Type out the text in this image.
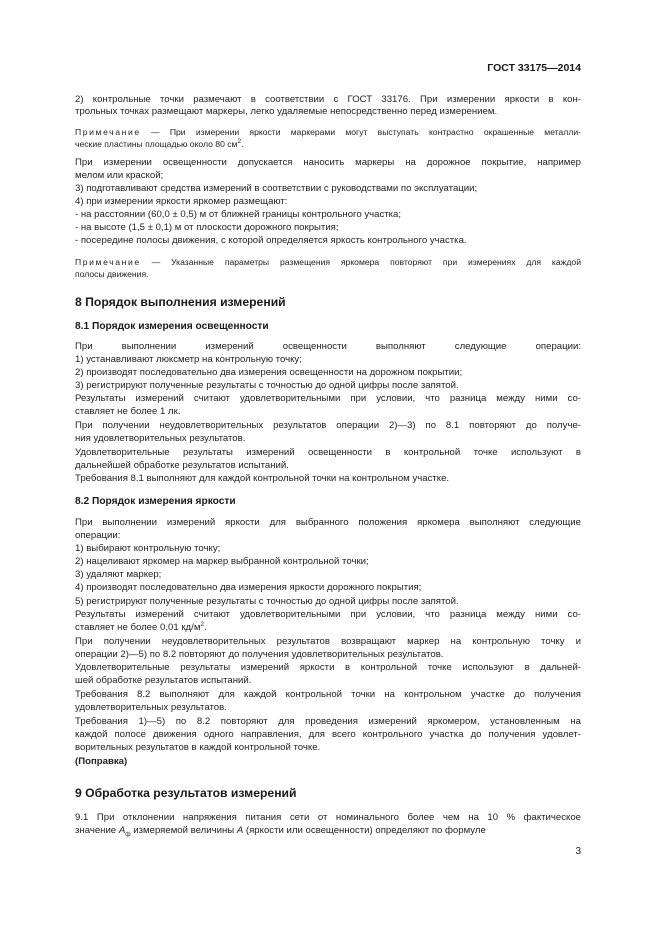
ГОСТ 33175—2014
2) контрольные точки размечают в соответствии с ГОСТ 33176. При измерении яркости в кон-
трольных точках размещают маркеры, легко удаляемые непосредственно перед измерением.
Примечание — При измерении яркости маркерами могут выступать контрастно окрашенные металли-
ческие пластины площадью около 80 $см^2$.
При измерении освещенности допускается наносить маркеры на дорожное покрытие, например
мелом или краской;
3) подготавливают средства измерений в соответствии с руководствами по эксплуатации;
4) при измерении яркости яркомер размещают:
- на расстоянии (60,0 ± 0,5) м от ближней границы контрольного участка;
- на высоте (1,5 ± 0,1) м от плоскости дорожного покрытия;
- посередине полосы движения, с которой определяется яркость контрольного участка.
Примечание — Указанные параметры размещения яркомера повторяют при измерениях для каждой
полосы движения.
8 Порядок выполнения измерений
8.1 Порядок измерения освещенности
При выполнении измерений освещенности выполняют следующие операции:
1) устанавливают люксметр на контрольную точку;
2) производят последовательно два измерения освещенности на дорожном покрытии;
3) регистрируют полученные результаты с точностью до одной цифры после запятой.
Результаты измерений считают удовлетворительными при условии, что разница между ними со-
ставляет не более 1 лк.
При получении неудовлетворительных результатов операции 2)—3) по 8.1 повторяют до получе-
ния удовлетворительных результатов.
Удовлетворительные результаты измерений освещенности в контрольной точке используют в
дальнейшей обработке результатов испытаний.
Требования 8.1 выполняют для каждой контрольной точки на контрольном участке.
8.2 Порядок измерения яркости
При выполнении измерений яркости для выбранного положения яркомера выполняют следующие
операции:
1) выбирают контрольную точку;
2) нацеливают яркомер на маркер выбранной контрольной точки;
3) удаляют маркер;
4) производят последовательно два измерения яркости дорожного покрытия;
5) регистрируют полученные результаты с точностью до одной цифры после запятой.
Результаты измерений считают удовлетворительными при условии, что разница между ними со-
ставляет не более 0,01 $кд/м^2$.
При получении неудовлетворительных результатов возвращают маркер на контрольную точку и
операции 2)—5) по 8.2 повторяют до получения удовлетворительных результатов.
Удовлетворительные результаты измерений яркости в контрольной точке используют в дальней-
шей обработке результатов испытаний.
Требования 8.2 выполняют для каждой контрольной точки на контрольном участке до получения
удовлетворительных результатов.
Требования 1)—5) по 8.2 повторяют для проведения измерений яркомером, установленным на
каждой полосе движения одного направления, для всего контрольного участка до получения удовлет-
ворительных результатов в каждой контрольной точке.
(Поправка)
9 Обработка результатов измерений
9.1 При отклонении напряжения питания сети от номинального более чем на 10 % фактическое
значение $A_ф$ измеряемой величины A (яркости или освещенности) определяют по формуле
3
